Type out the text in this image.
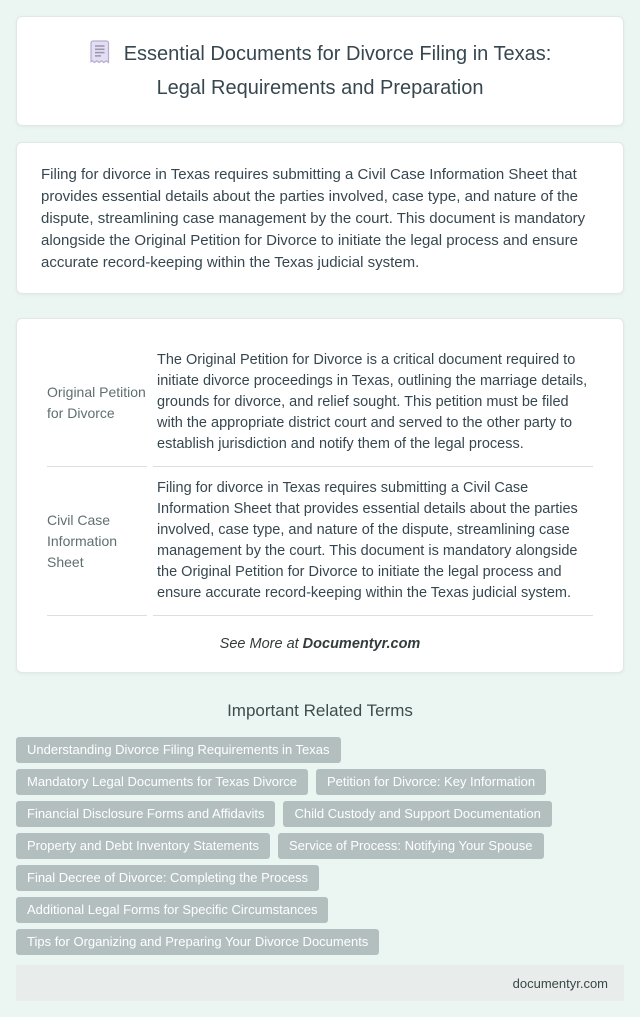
Essential Documents for Divorce Filing in Texas: Legal Requirements and Preparation

Filing for divorce in Texas requires submitting a Civil Case Information Sheet that provides essential details about the parties involved, case type, and nature of the dispute, streamlining case management by the court. This document is mandatory alongside the Original Petition for Divorce to initiate the legal process and ensure accurate record-keeping within the Texas judicial system.

Original Petition for Divorce	The Original Petition for Divorce is a critical document required to initiate divorce proceedings in Texas, outlining the marriage details, grounds for divorce, and relief sought. This petition must be filed with the appropriate district court and served to the other party to establish jurisdiction and notify them of the legal process.
Civil Case Information Sheet	Filing for divorce in Texas requires submitting a Civil Case Information Sheet that provides essential details about the parties involved, case type, and nature of the dispute, streamlining case management by the court. This document is mandatory alongside the Original Petition for Divorce to initiate the legal process and ensure accurate record-keeping within the Texas judicial system.
See More at Documentyr.com
Important Related Terms
Understanding Divorce Filing Requirements in Texas
Mandatory Legal Documents for Texas Divorce	Petition for Divorce: Key Information
Financial Disclosure Forms and Affidavits	Child Custody and Support Documentation
Property and Debt Inventory Statements	Service of Process: Notifying Your Spouse
Final Decree of Divorce: Completing the Process
Additional Legal Forms for Specific Circumstances
Tips for Organizing and Preparing Your Divorce Documents
documentyr.com
